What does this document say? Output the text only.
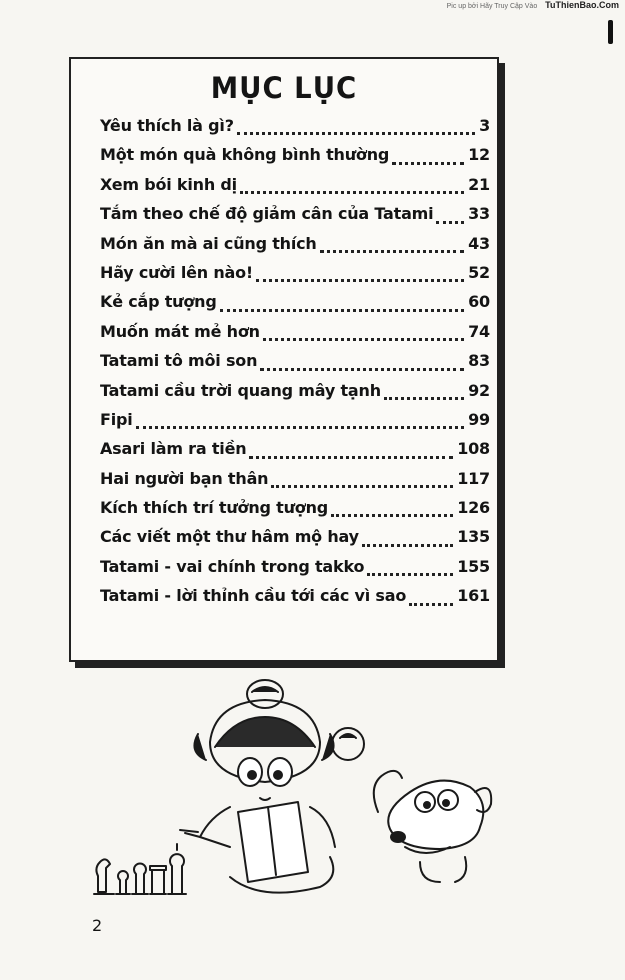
Pic up bởi Hãy Truy Cập Vào TuThienBao.Com
MỤC LỤC
Yêu thích là gì?	3
Một món quà không bình thường	12
Xem bói kinh dị	21
Tắm theo chế độ giảm cân của Tatami 33
Món ăn mà ai cũng thích	43
Hãy cười lên nào!	52
Kẻ cắp tượng	60
Muốn mát mẻ hơn	74
Tatami tô môi son	83
Tatami cầu trời quang mây tạnh	92
Fipi	99
Asari làm ra tiền	108
Hai người bạn thân	117
Kích thích trí tưởng tượng	126
Các viết một thư hâm mộ hay	135
Tatami - vai chính trong takko	155
Tatami - lời thỉnh cầu tới các vì sao	161
2
